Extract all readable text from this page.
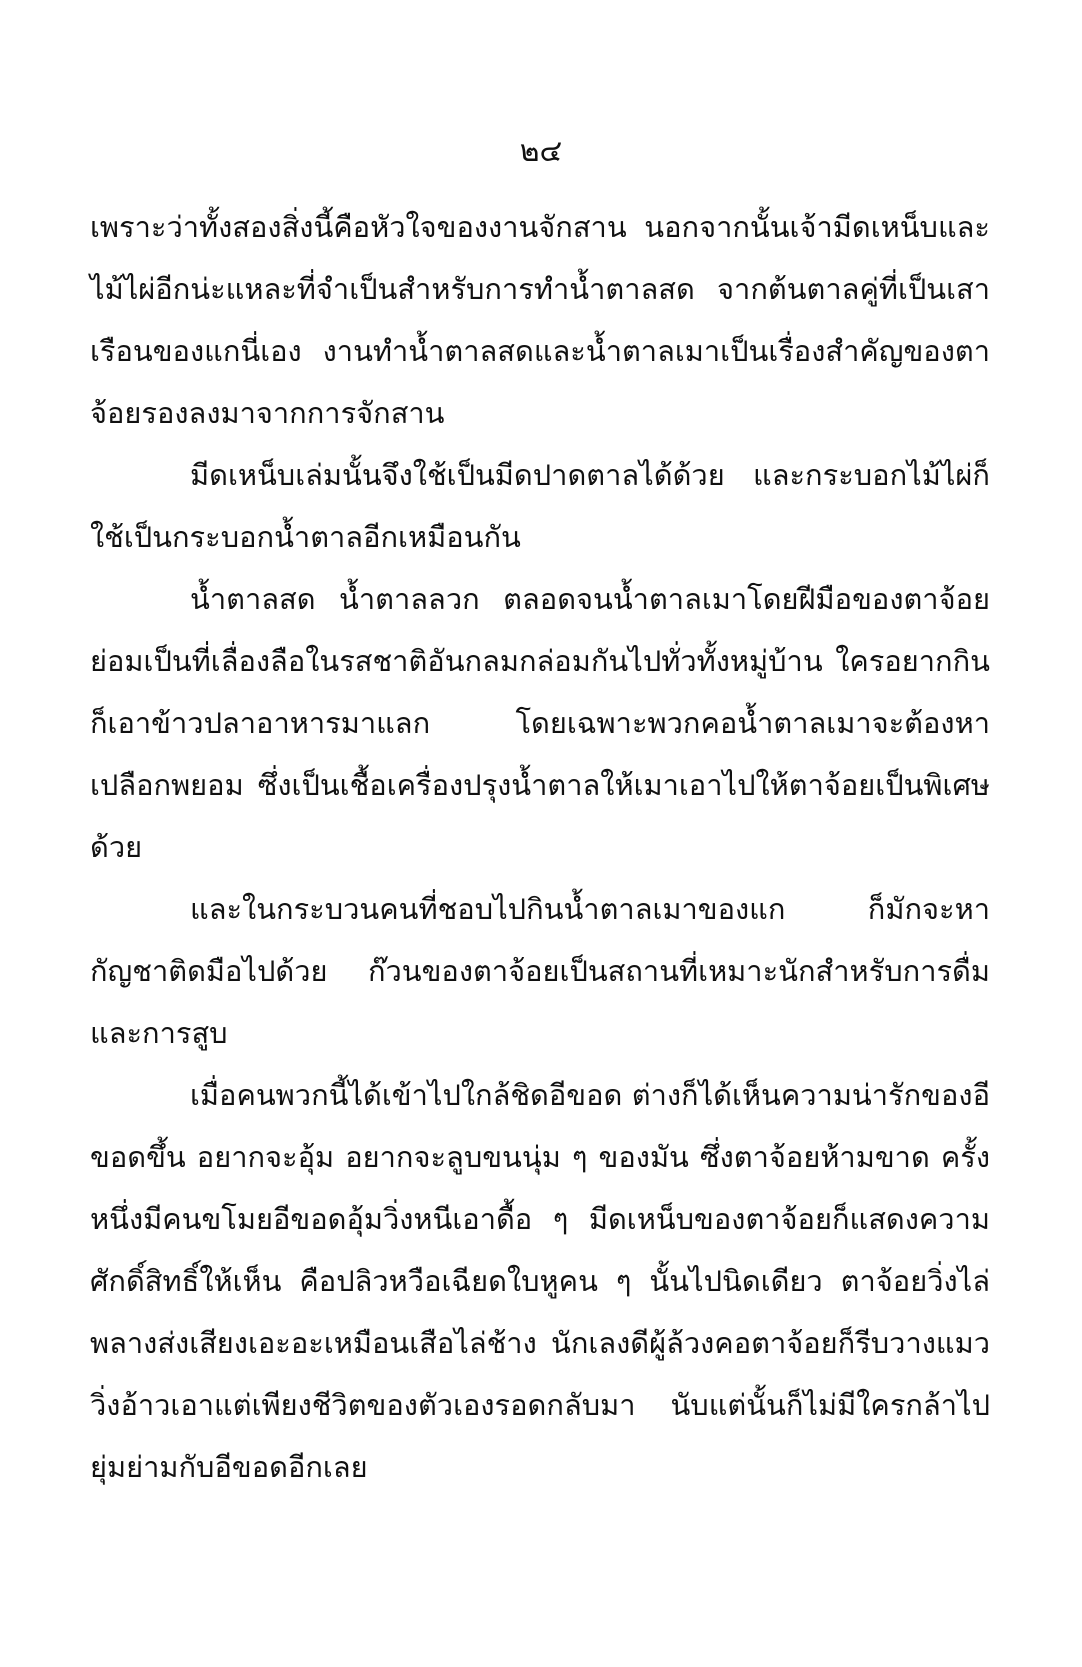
๒๔

เพราะว่าทั้งสองสิ่งนี้คือหัวใจของงานจักสาน นอกจากนั้นเจ้ามีดเหน็บและไม้ไผ่อีกน่ะแหละที่จำเป็นสำหรับการทำน้ำตาลสด จากต้นตาลคู่ที่เป็นเสาเรือนของแกนี่เอง งานทำน้ำตาลสดและน้ำตาลเมาเป็นเรื่องสำคัญของตาจ้อยรองลงมาจากการจักสาน

มีดเหน็บเล่มนั้นจึงใช้เป็นมีดปาดตาลได้ด้วย และกระบอกไม้ไผ่ก็ใช้เป็นกระบอกน้ำตาลอีกเหมือนกัน

น้ำตาลสด น้ำตาลลวก ตลอดจนน้ำตาลเมาโดยฝีมือของตาจ้อยย่อมเป็นที่เลื่องลือในรสชาติอันกลมกล่อมกันไปทั่วทั้งหมู่บ้าน ใครอยากกินก็เอาข้าวปลาอาหารมาแลก โดยเฉพาะพวกคอน้ำตาลเมาจะต้องหาเปลือกพยอม ซึ่งเป็นเชื้อเครื่องปรุงน้ำตาลให้เมาเอาไปให้ตาจ้อยเป็นพิเศษด้วย

และในกระบวนคนที่ชอบไปกินน้ำตาลเมาของแก ก็มักจะหากัญชาติดมือไปด้วย ก๊วนของตาจ้อยเป็นสถานที่เหมาะนักสำหรับการดื่มและการสูบ

เมื่อคนพวกนี้ได้เข้าไปใกล้ชิดอีขอด ต่างก็ได้เห็นความน่ารักของอีขอดขึ้น อยากจะอุ้ม อยากจะลูบขนนุ่ม ๆ ของมัน ซึ่งตาจ้อยห้ามขาด ครั้งหนึ่งมีคนขโมยอีขอดอุ้มวิ่งหนีเอาดื้อ ๆ มีดเหน็บของตาจ้อยก็แสดงความศักดิ์สิทธิ์ให้เห็น คือปลิวหวือเฉียดใบหูคน ๆ นั้นไปนิดเดียว ตาจ้อยวิ่งไล่พลางส่งเสียงเอะอะเหมือนเสือไล่ช้าง นักเลงดีผู้ล้วงคอตาจ้อยก็รีบวางแมว วิ่งอ้าวเอาแต่เพียงชีวิตของตัวเองรอดกลับมา นับแต่นั้นก็ไม่มีใครกล้าไปยุ่มย่ามกับอีขอดอีกเลย
